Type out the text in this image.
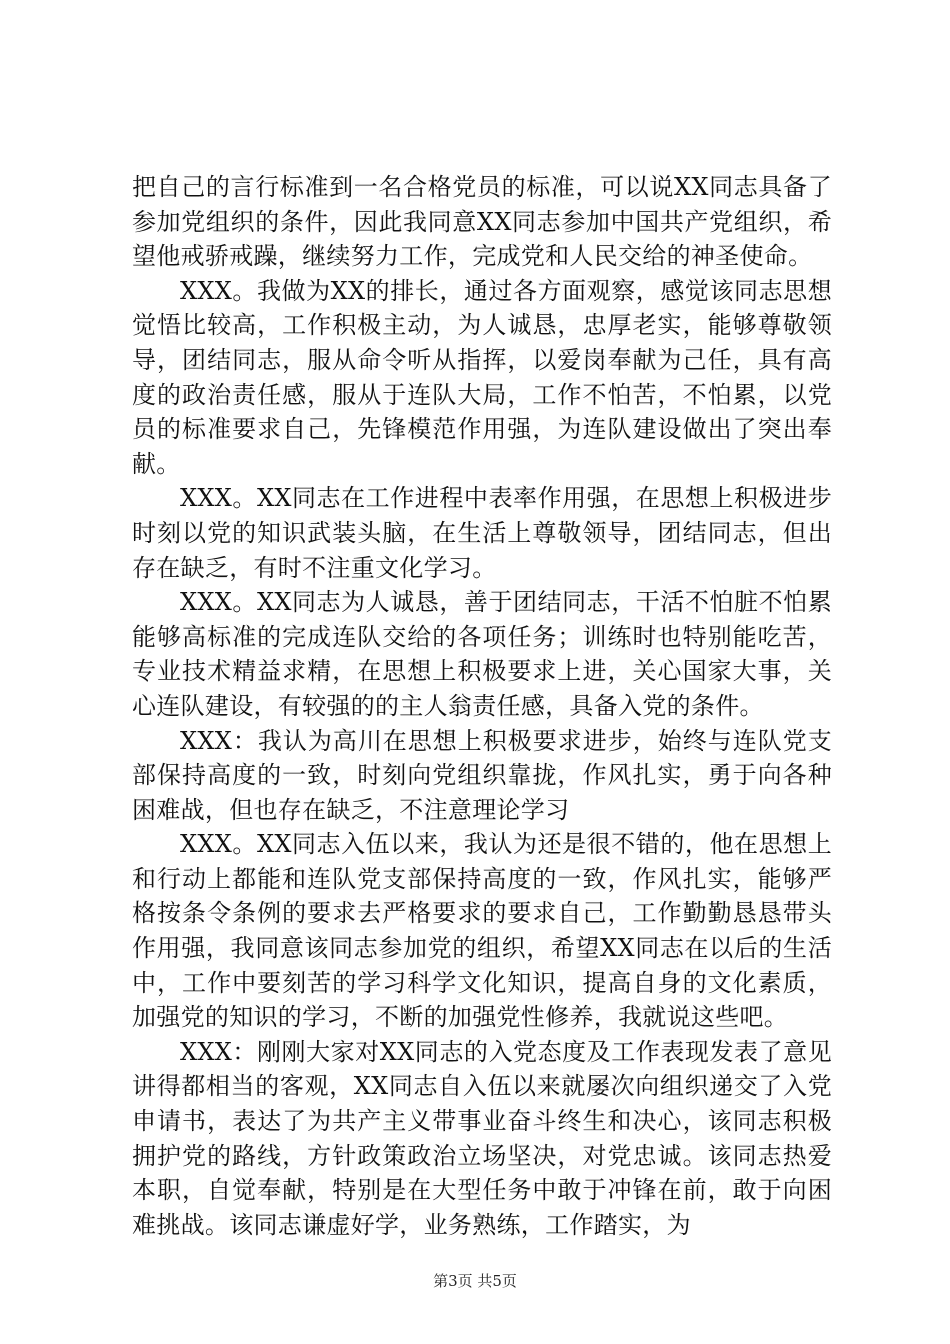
把自己的言行标准到一名合格党员的标准，可以说XX同志具备了参加党组织的条件，因此我同意XX同志参加中国共产党组织，希望他戒骄戒躁，继续努力工作，完成党和人民交给的神圣使命。

XXX。我做为XX的排长，通过各方面观察，感觉该同志思想觉悟比较高，工作积极主动，为人诚恳，忠厚老实，能够尊敬领导，团结同志，服从命令听从指挥，以爱岗奉献为己任，具有高度的政治责任感，服从于连队大局，工作不怕苦，不怕累，以党员的标准要求自己，先锋模范作用强，为连队建设做出了突出奉献。

XXX。XX同志在工作进程中表率作用强，在思想上积极进步时刻以党的知识武装头脑，在生活上尊敬领导，团结同志，但出存在缺乏，有时不注重文化学习。

XXX。XX同志为人诚恳，善于团结同志，干活不怕脏不怕累能够高标准的完成连队交给的各项任务；训练时也特别能吃苦，专业技术精益求精，在思想上积极要求上进，关心国家大事，关心连队建设，有较强的的主人翁责任感，具备入党的条件。

XXX：我认为高川在思想上积极要求进步，始终与连队党支部保持高度的一致，时刻向党组织靠拢，作风扎实，勇于向各种困难战，但也存在缺乏，不注意理论学习

XXX。XX同志入伍以来，我认为还是很不错的，他在思想上和行动上都能和连队党支部保持高度的一致，作风扎实，能够严格按条令条例的要求去严格要求的要求自己，工作勤勤恳恳带头作用强，我同意该同志参加党的组织，希望XX同志在以后的生活中，工作中要刻苦的学习科学文化知识，提高自身的文化素质，加强党的知识的学习，不断的加强党性修养，我就说这些吧。

XXX：刚刚大家对XX同志的入党态度及工作表现发表了意见讲得都相当的客观，XX同志自入伍以来就屡次向组织递交了入党申请书，表达了为共产主义带事业奋斗终生和决心，该同志积极拥护党的路线，方针政策政治立场坚决，对党忠诚。该同志热爱本职，自觉奉献，特别是在大型任务中敢于冲锋在前，敢于向困难挑战。该同志谦虚好学，业务熟练，工作踏实，为

第3页 共5页
